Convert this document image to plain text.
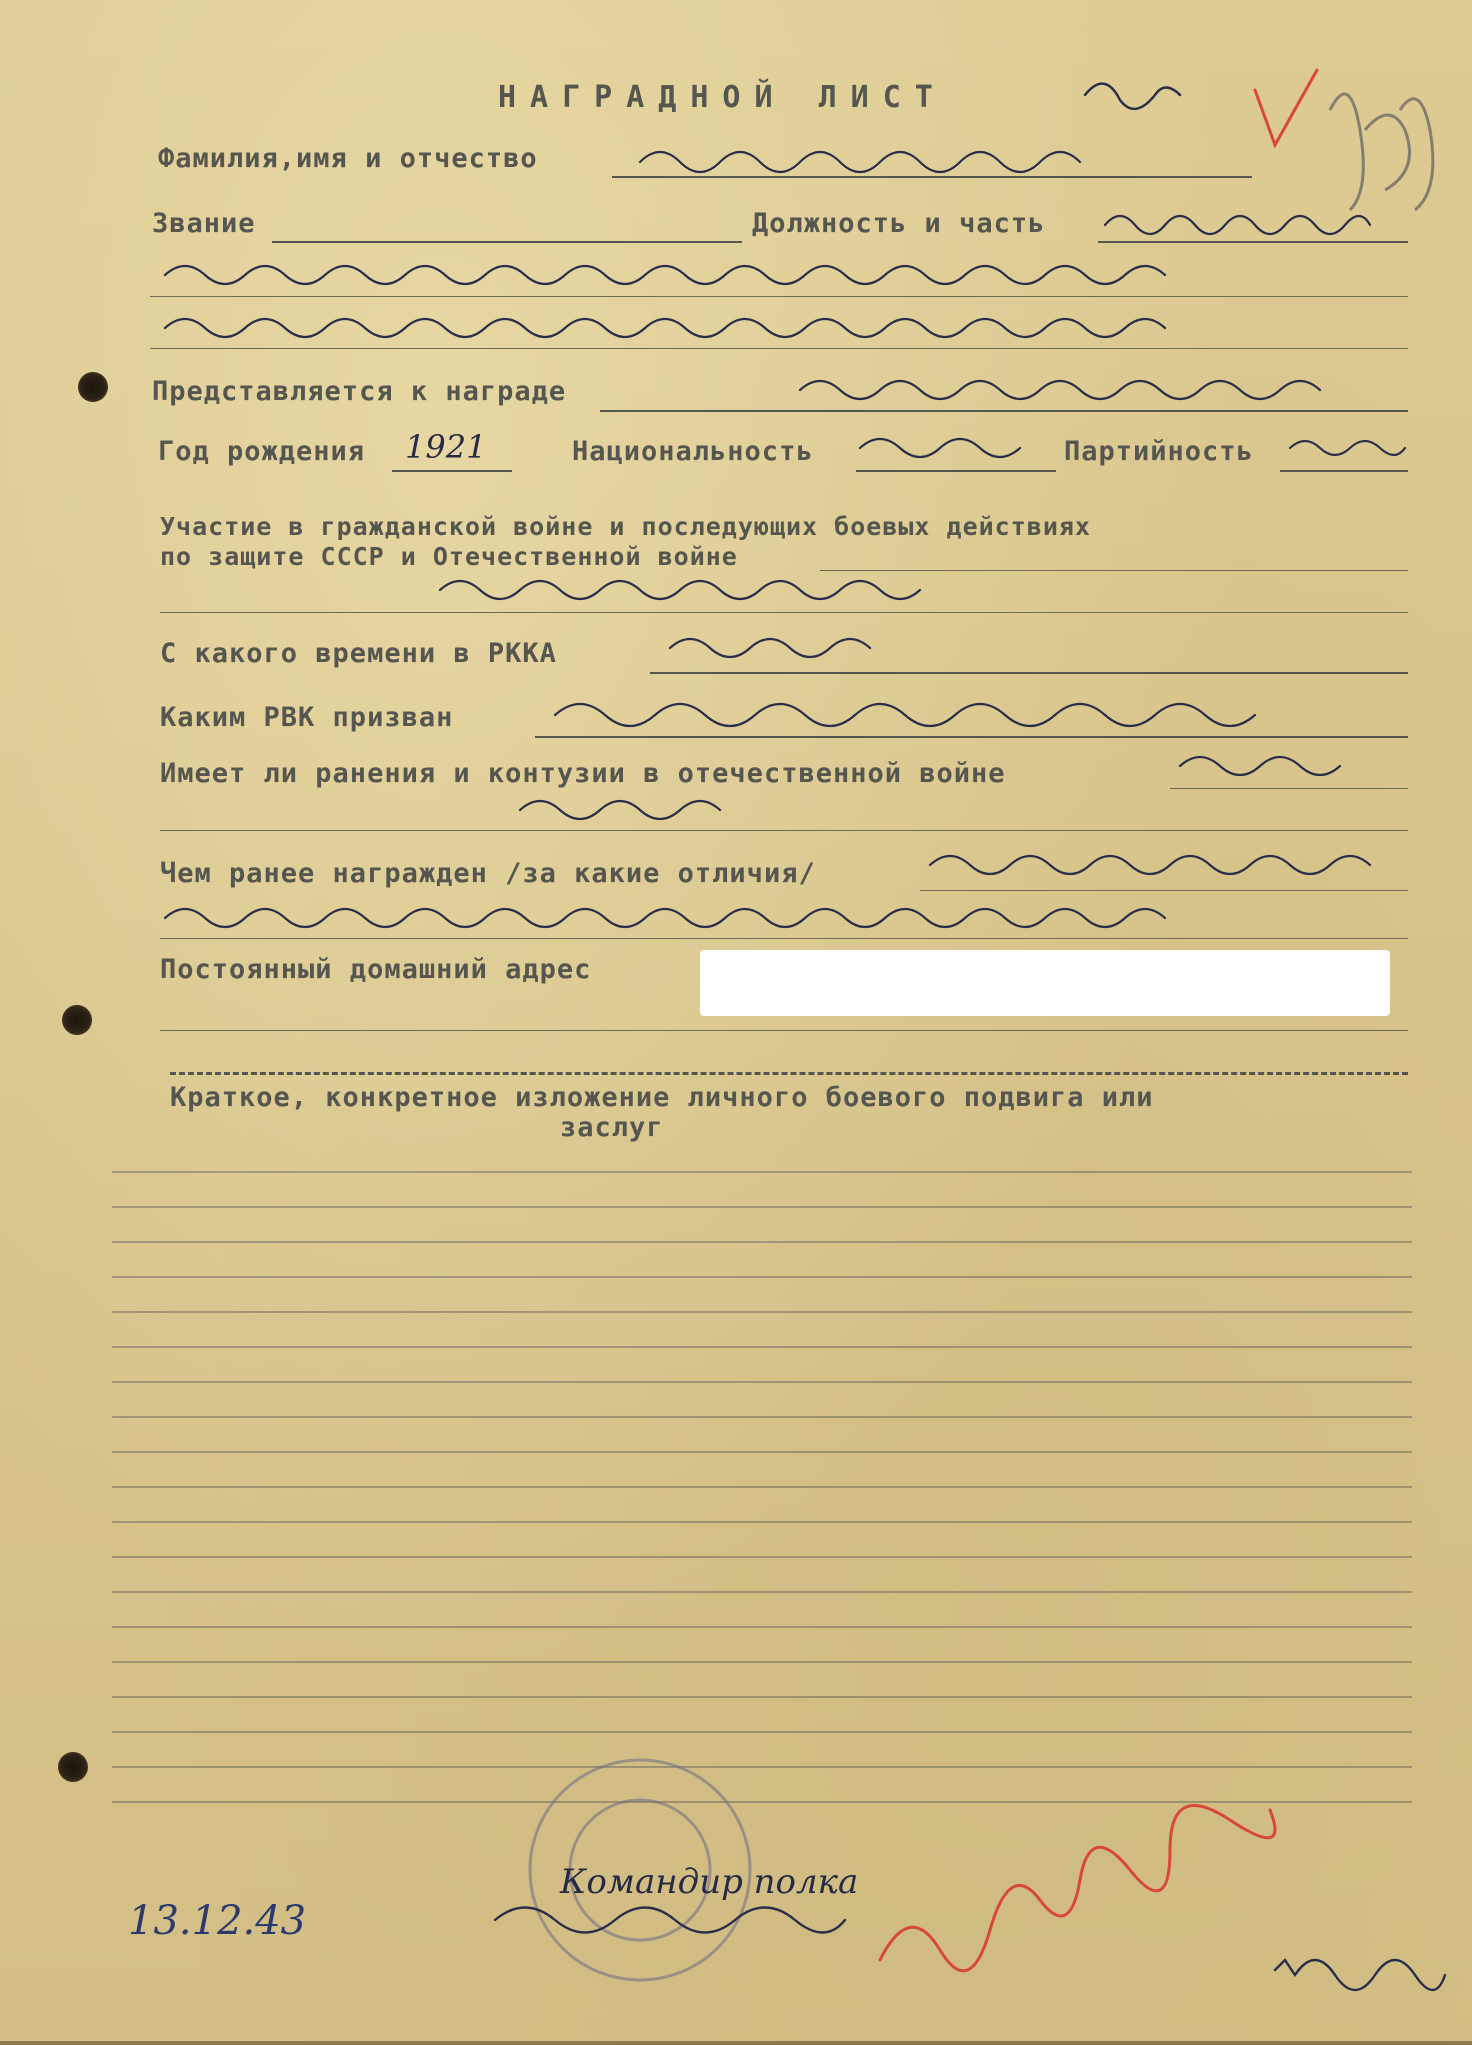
НАГРАДНОЙ ЛИСТ
Фамилия,имя и отчество
Звание	Должность и часть
Представляется к награде
Год рождения 1921	Национальность	Партийность
Участие в гражданской войне и последующих боевых действиях
по защите СССР и Отечественной войне
С какого времени в РККА
Каким РВК призван
Имеет ли ранения и контузии в отечественной войне
Чем ранее награжден /за какие отличия/
Постоянный домашний адрес
Краткое, конкретное изложение личного боевого подвига или
заслуг
13.12.43
Командир полка
